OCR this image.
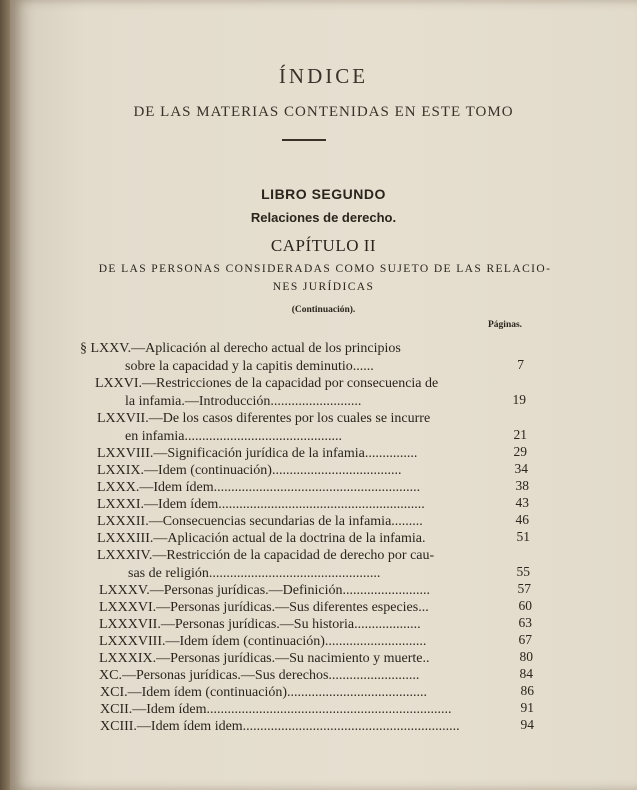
ÍNDICE
DE LAS MATERIAS CONTENIDAS EN ESTE TOMO
LIBRO SEGUNDO
Relaciones de derecho.
CAPÍTULO II
DE LAS PERSONAS CONSIDERADAS COMO SUJETO DE LAS RELACIO-
NES JURÍDICAS
(Continuación).
Páginas.
§ LXXV.—Aplicación al derecho actual de los principios
sobre la capacidad y la capitis deminutio......	7
LXXVI.—Restricciones de la capacidad por consecuencia de
la infamia.—Introducción..........................	19
LXXVII.—De los casos diferentes por los cuales se incurre
en infamia.............................................	21
LXXVIII.—Significación jurídica de la infamia...............	29
LXXIX.—Idem (continuación).....................................	34
LXXX.—Idem ídem...........................................................	38
LXXXI.—Idem ídem...........................................................	43
LXXXII.—Consecuencias secundarias de la infamia.........	46
LXXXIII.—Aplicación actual de la doctrina de la infamia.	51
LXXXIV.—Restricción de la capacidad de derecho por cau-
sas de religión.................................................	55
LXXXV.—Personas jurídicas.—Definición.........................	57
LXXXVI.—Personas jurídicas.—Sus diferentes especies...	60
LXXXVII.—Personas jurídicas.—Su historia...................	63
LXXXVIII.—Idem ídem (continuación).............................	67
LXXXIX.—Personas jurídicas.—Su nacimiento y muerte..	80
XC.—Personas jurídicas.—Sus derechos..........................	84
XCI.—Idem ídem (continuación)........................................	86
XCII.—Idem ídem......................................................................	91
XCIII.—Idem ídem idem..............................................................	94
